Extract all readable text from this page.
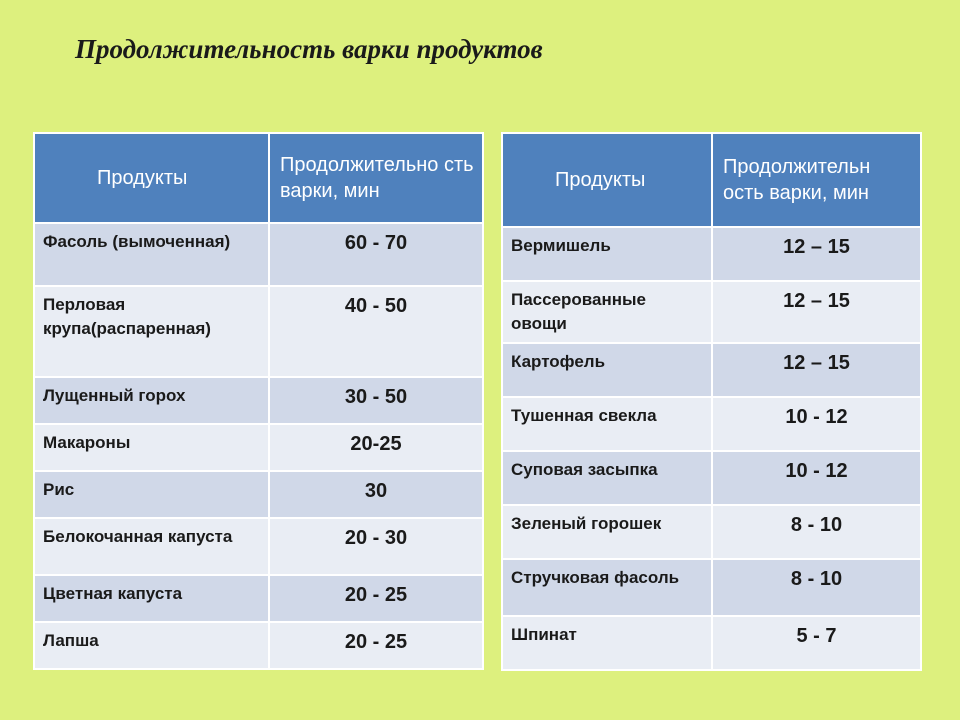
Продолжительность варки продуктов
Продукты	Продолжительно сть варки, мин
Фасоль (вымоченная)	60 - 70
Перловая крупа(распаренная)	40 - 50
Лущенный горох	30 - 50
Макароны	20-25
Рис	30
Белокочанная капуста	20 - 30
Цветная капуста	20 - 25
Лапша	20 - 25
Продукты	Продолжительн ость варки, мин
Вермишель	12 – 15
Пассерованные овощи	12 – 15
Картофель	12 – 15
Тушенная свекла	10 - 12
Суповая засыпка	10 - 12
Зеленый горошек	8 - 10
Стручковая фасоль	8 - 10
Шпинат	5 - 7
